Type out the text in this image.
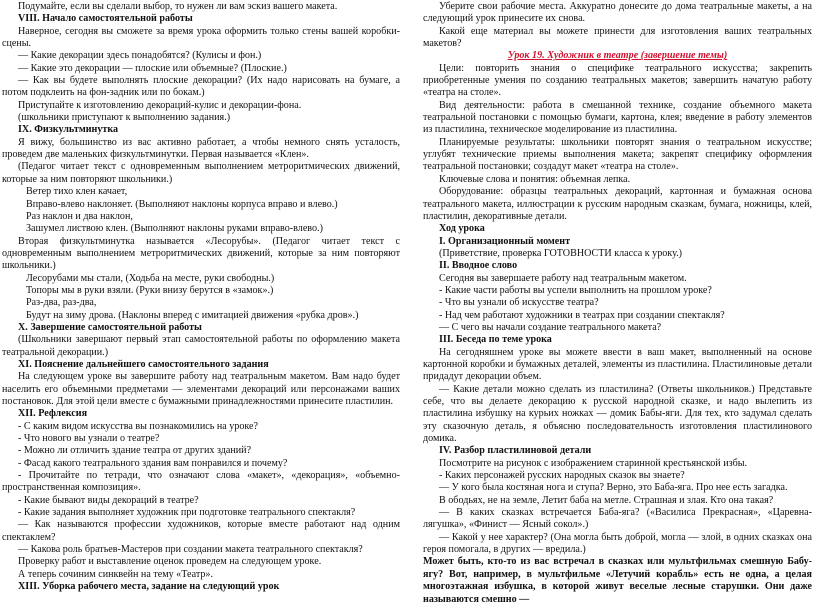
Подумайте, если вы сделали выбор, то нужен ли вам эскиз вашего макета.

VIII. Начало самостоятельной работы

Наверное, сегодня вы сможете за время урока оформить только стены вашей коробки-сцены.

— Какие декорации здесь понадобятся? (Кулисы и фон.)

— Какие это декорации — плоские или объемные? (Плоские.)

— Как вы будете выполнять плоские декорации? (Их надо нарисовать на бумаге, а потом подклеить на фон-задник или по бокам.)

Приступайте к изготовлению декораций-кулис и декорации-фона.

(школьники приступают к выполнению задания.)

IX. Физкультминутка

Я вижу, большинство из вас активно работает, а чтобы немного снять усталость, проведем две маленьких физкультминутки. Первая называется «Клен».

(Педагог читает текст с одновременным выполнением метроритмических движений, которые за ним повторяют школьники.)

Ветер тихо клен качает,

Вправо-влево наклоняет. (Выполняют наклоны корпуса вправо и влево.)

Раз наклон и два наклон,

Зашумел листвою клен. (Выполняют наклоны руками вправо-влево.)

Вторая физкультминутка называется «Лесорубы». (Педагог читает текст с одновременным выполнением метроритмических движений, которые за ним повторяют школьники.)

Лесорубами мы стали, (Ходьба на месте, руки свободны.)

Топоры мы в руки взяли. (Руки внизу берутся в «замок».)

Раз-два, раз-два,

Будут на зиму дрова. (Наклоны вперед с имитацией движения «рубка дров».)

X. Завершение самостоятельной работы

(Школьники завершают первый этап самостоятельной работы по оформлению макета театральной декорации.)

XI. Пояснение дальнейшего самостоятельного задания

На следующем уроке вы завершите работу над театральным макетом. Вам надо будет населить его объемными предметами — элементами декораций или персонажами ваших постановок. Для этой цели вместе с бумажными принадлежностями принесите пластилин.

XII. Рефлексия

- С каким видом искусства вы познакомились на уроке?

- Что нового вы узнали о театре?

- Можно ли отличить здание театра от других зданий?

- Фасад какого театрального здания вам понравился и почему?

- Прочитайте по тетради, что означают слова «макет», «декорация», «объемно-пространственная композиция».

- Какие бывают виды декораций в театре?

- Какие задания выполняет художник при подготовке театрального спектакля?

— Как называются профессии художников, которые вместе работают над одним спектаклем?

— Какова роль братьев-Мастеров при создании макета театрального спектакля?

Проверку работ и выставление оценок проведем на следующем уроке.

А теперь сочиним синквейн на тему «Театр».

XIII. Уборка рабочего места, задание на следующий урок

Уберите свои рабочие места. Аккуратно донесите до дома театральные макеты, а на следующий урок принесите их снова.

Какой еще материал вы можете принести для изготовления ваших театральных макетов?

Урок 19. Художник в театре (завершение темы)

Цели: повторить знания о специфике театрального искусства; закрепить приобретенные умения по созданию театральных макетов; завершить начатую работу «театра на столе».

Вид деятельности: работа в смешанной технике, создание объемного макета театральной постановки с помощью бумаги, картона, клея; введение в работу элементов из пластилина, техническое моделирование из пластилина.

Планируемые результаты: школьники повторят знания о театральном искусстве; углубят технические приемы выполнения макета; закрепят специфику оформления театральной постановки; создадут макет «театра на столе».

Ключевые слова и понятия: объемная лепка.

Оборудование: образцы театральных декораций, картонная и бумажная основа театрального макета, иллюстрации к русским народным сказкам, бумага, ножницы, клей, пластилин, декоративные детали.

Ход урока

I. Организационный момент

(Приветствие, проверка ГОТОВНОСТИ класса к уроку.)

II. Вводное слово

Сегодня вы завершаете работу над театральным макетом.

- Какие части работы вы успели выполнить на прошлом уроке?

- Что вы узнали об искусстве театра?

- Над чем работают художники в театрах при создании спектакля?

— С чего вы начали создание театрального макета?

III. Беседа по теме урока

На сегодняшнем уроке вы можете ввести в ваш макет, выполненный на основе картонной коробки и бумажных деталей, элементы из пластилина. Пластилиновые детали придадут декорации объем.

— Какие детали можно сделать из пластилина? (Ответы школьников.) Представьте себе, что вы делаете декорацию к русской народной сказке, и надо вылепить из пластилина избушку на курьих ножках — домик Бабы-яги. Для тех, кто задумал сделать эту сказочную деталь, я объясню последовательность изготовления пластилинового домика.

IV. Разбор пластилиновой детали

Посмотрите на рисунок с изображением старинной крестьянской избы.

- Каких персонажей русских народных сказок вы знаете?

— У кого была костяная нога и ступа? Верно, это Баба-яга. Про нее есть загадка.

В ободьях, не на земле, Летит баба на метле. Страшная и злая. Кто она такая?

— В каких сказках встречается Баба-яга? («Василиса Прекрасная», «Царевна-лягушка», «Финист — Ясный сокол».)

— Какой у нее характер? (Она могла быть доброй, могла — злой, в одних сказках она героя помогала, в других — вредила.)

Может быть, кто-то из вас встречал в сказках или мультфильмах смешную Бабу-ягу? Вот, например, в мультфильме «Летучий корабль» есть не одна, а целая многоэтажная избушка, в которой живут веселые лесные старушки. Они даже называются смешно —
